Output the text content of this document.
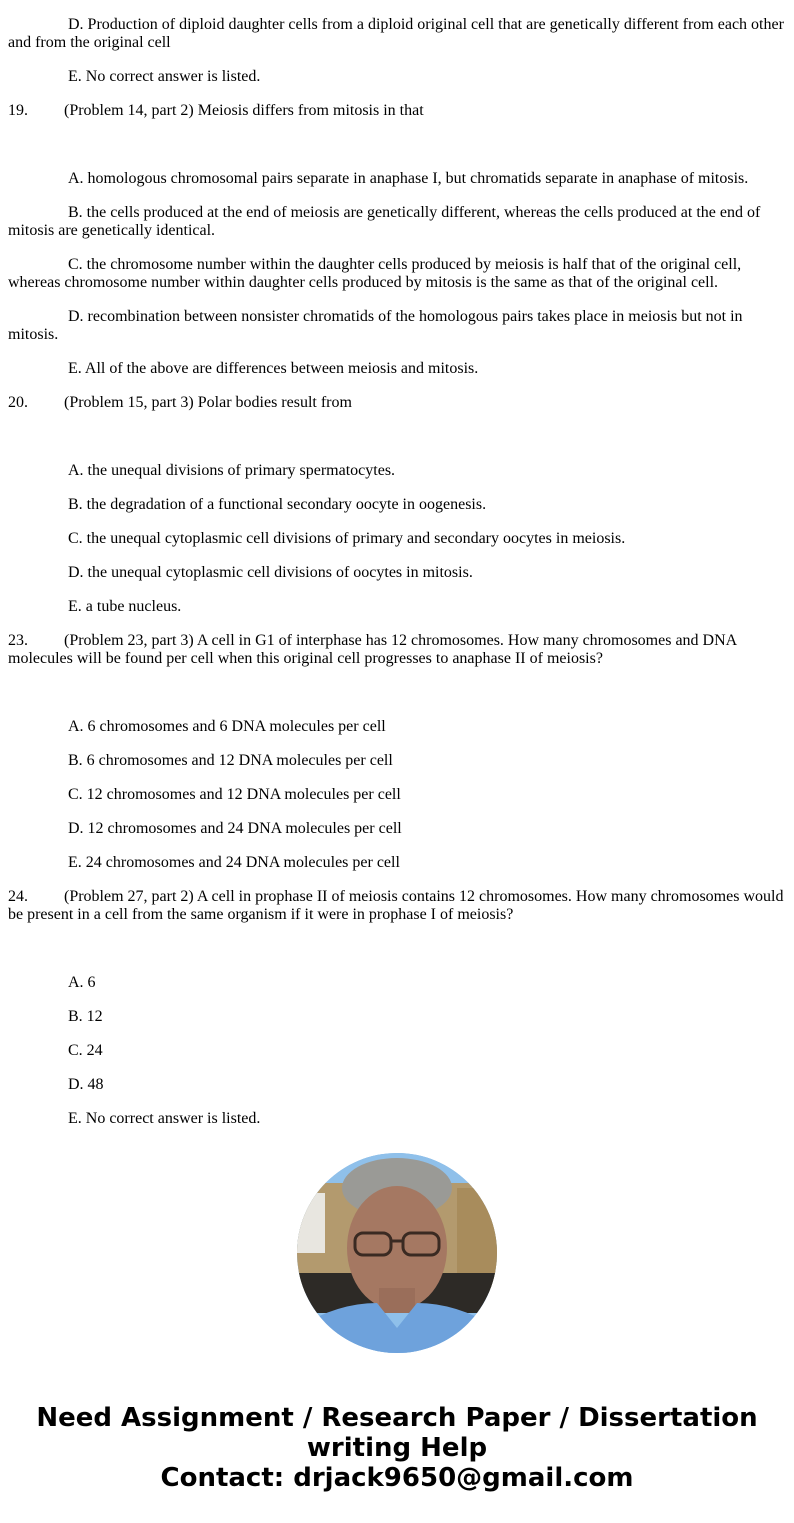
D. Production of diploid daughter cells from a diploid original cell that are genetically different from each other and from the original cell

E. No correct answer is listed.

19. (Problem 14, part 2) Meiosis differs from mitosis in that

A. homologous chromosomal pairs separate in anaphase I, but chromatids separate in anaphase of mitosis.

B. the cells produced at the end of meiosis are genetically different, whereas the cells produced at the end of mitosis are genetically identical.

C. the chromosome number within the daughter cells produced by meiosis is half that of the original cell, whereas chromosome number within daughter cells produced by mitosis is the same as that of the original cell.

D. recombination between nonsister chromatids of the homologous pairs takes place in meiosis but not in mitosis.

E. All of the above are differences between meiosis and mitosis.

20. (Problem 15, part 3) Polar bodies result from

A. the unequal divisions of primary spermatocytes.

B. the degradation of a functional secondary oocyte in oogenesis.

C. the unequal cytoplasmic cell divisions of primary and secondary oocytes in meiosis.

D. the unequal cytoplasmic cell divisions of oocytes in mitosis.

E. a tube nucleus.

23. (Problem 23, part 3) A cell in G1 of interphase has 12 chromosomes. How many chromosomes and DNA molecules will be found per cell when this original cell progresses to anaphase II of meiosis?

A. 6 chromosomes and 6 DNA molecules per cell

B. 6 chromosomes and 12 DNA molecules per cell

C. 12 chromosomes and 12 DNA molecules per cell

D. 12 chromosomes and 24 DNA molecules per cell

E. 24 chromosomes and 24 DNA molecules per cell

24. (Problem 27, part 2) A cell in prophase II of meiosis contains 12 chromosomes. How many chromosomes would be present in a cell from the same organism if it were in prophase I of meiosis?

A. 6

B. 12

C. 24

D. 48

E. No correct answer is listed.

Need Assignment / Research Paper / Dissertation
writing Help
Contact: drjack9650@gmail.com
